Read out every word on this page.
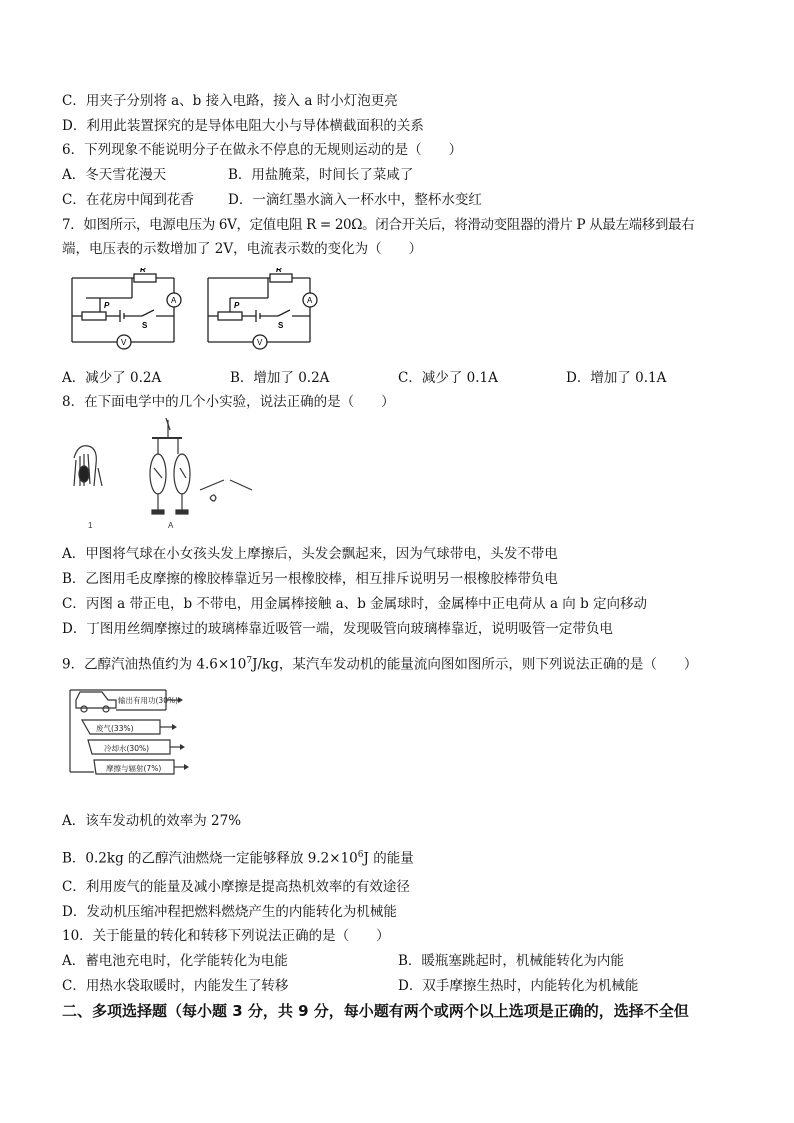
C．用夹子分别将 a、b 接入电路，接入 a 时小灯泡更亮
D．利用此装置探究的是导体电阻大小与导体横截面积的关系
6．下列现象不能说明分子在做永不停息的无规则运动的是（　　）
A．冬天雪花漫天	B．用盐腌菜，时间长了菜咸了
C．在花房中闻到花香	D．一滴红墨水滴入一杯水中，整杯水变红
7．如图所示，电源电压为 6V，定值电阻 R = 20Ω。闭合开关后，将滑动变阻器的滑片 P 从最左端移到最右
端，电压表的示数增加了 2V，电流表示数的变化为（　　）
R
A
P
S
V
R
A
P
S
V
A．减少了 0.2A	B．增加了 0.2A	C．减少了 0.1A	D．增加了 0.1A
8．在下面电学中的几个小实验，说法正确的是（　　）
1	A
A．甲图将气球在小女孩头发上摩擦后，头发会飘起来，因为气球带电，头发不带电
B．乙图用毛皮摩擦的橡胶棒靠近另一根橡胶棒，相互排斥说明另一根橡胶棒带负电
C．丙图 a 带正电，b 不带电，用金属棒接触 a、b 金属球时，金属棒中正电荷从 a 向 b 定向移动
D．丁图用丝绸摩擦过的玻璃棒靠近吸管一端，发现吸管向玻璃棒靠近，说明吸管一定带负电
9．乙醇汽油热值约为 $4.6\times 10^7J/kg$，某汽车发动机的能量流向图如图所示，则下列说法正确的是（　　）
输出有用功(30%)
废气(33%)
冷却水(30%)
摩擦与辐射(7%)
A．该车发动机的效率为 27%
B．0.2kg 的乙醇汽油燃烧一定能够释放 $9.2\times 10^6J$ 的能量
C．利用废气的能量及减小摩擦是提高热机效率的有效途径
D．发动机压缩冲程把燃料燃烧产生的内能转化为机械能
10．关于能量的转化和转移下列说法正确的是（　　）
A．蓄电池充电时，化学能转化为电能	B．暖瓶塞跳起时，机械能转化为内能
C．用热水袋取暖时，内能发生了转移	D．双手摩擦生热时，内能转化为机械能
二、多项选择题（每小题 3 分，共 9 分，每小题有两个或两个以上选项是正确的，选择不全但
